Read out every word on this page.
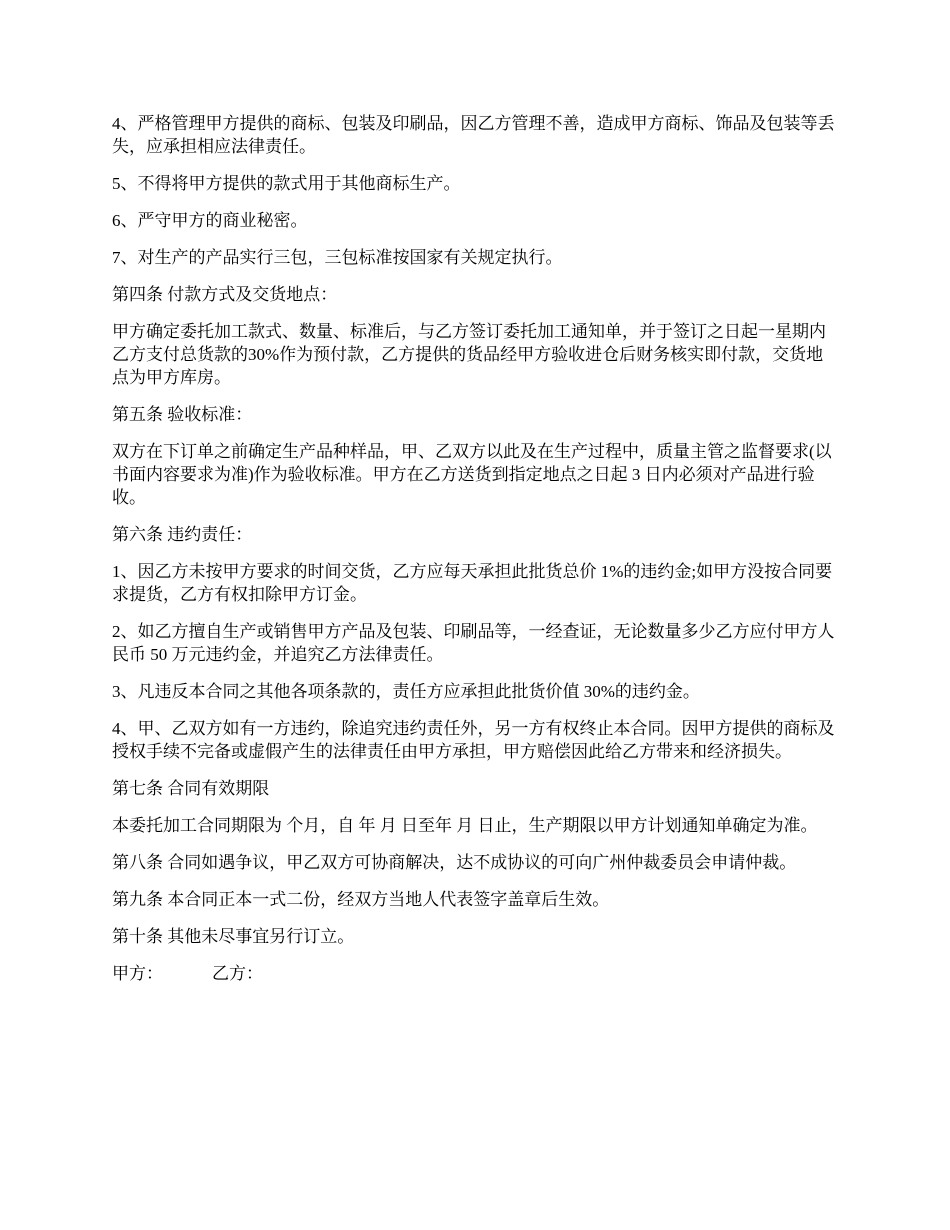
4、严格管理甲方提供的商标、包装及印刷品，因乙方管理不善，造成甲方商标、饰品及包装等丢失，应承担相应法律责任。

5、不得将甲方提供的款式用于其他商标生产。

6、严守甲方的商业秘密。

7、对生产的产品实行三包，三包标准按国家有关规定执行。

第四条 付款方式及交货地点：

甲方确定委托加工款式、数量、标准后，与乙方签订委托加工通知单，并于签订之日起一星期内乙方支付总货款的30%作为预付款，乙方提供的货品经甲方验收进仓后财务核实即付款，交货地点为甲方库房。

第五条 验收标准：

双方在下订单之前确定生产品种样品，甲、乙双方以此及在生产过程中，质量主管之监督要求(以书面内容要求为准)作为验收标准。甲方在乙方送货到指定地点之日起 3 日内必须对产品进行验收。

第六条 违约责任：

1、因乙方未按甲方要求的时间交货，乙方应每天承担此批货总价 1%的违约金;如甲方没按合同要求提货，乙方有权扣除甲方订金。

2、如乙方擅自生产或销售甲方产品及包装、印刷品等，一经查证，无论数量多少乙方应付甲方人民币 50 万元违约金，并追究乙方法律责任。

3、凡违反本合同之其他各项条款的，责任方应承担此批货价值 30%的违约金。

4、甲、乙双方如有一方违约，除追究违约责任外，另一方有权终止本合同。因甲方提供的商标及授权手续不完备或虚假产生的法律责任由甲方承担，甲方赔偿因此给乙方带来和经济损失。

第七条 合同有效期限

本委托加工合同期限为 个月，自 年 月 日至年 月 日止，生产期限以甲方计划通知单确定为准。

第八条 合同如遇争议，甲乙双方可协商解决，达不成协议的可向广州仲裁委员会申请仲裁。

第九条 本合同正本一式二份，经双方当地人代表签字盖章后生效。

第十条 其他未尽事宜另行订立。

甲方：	乙方：
